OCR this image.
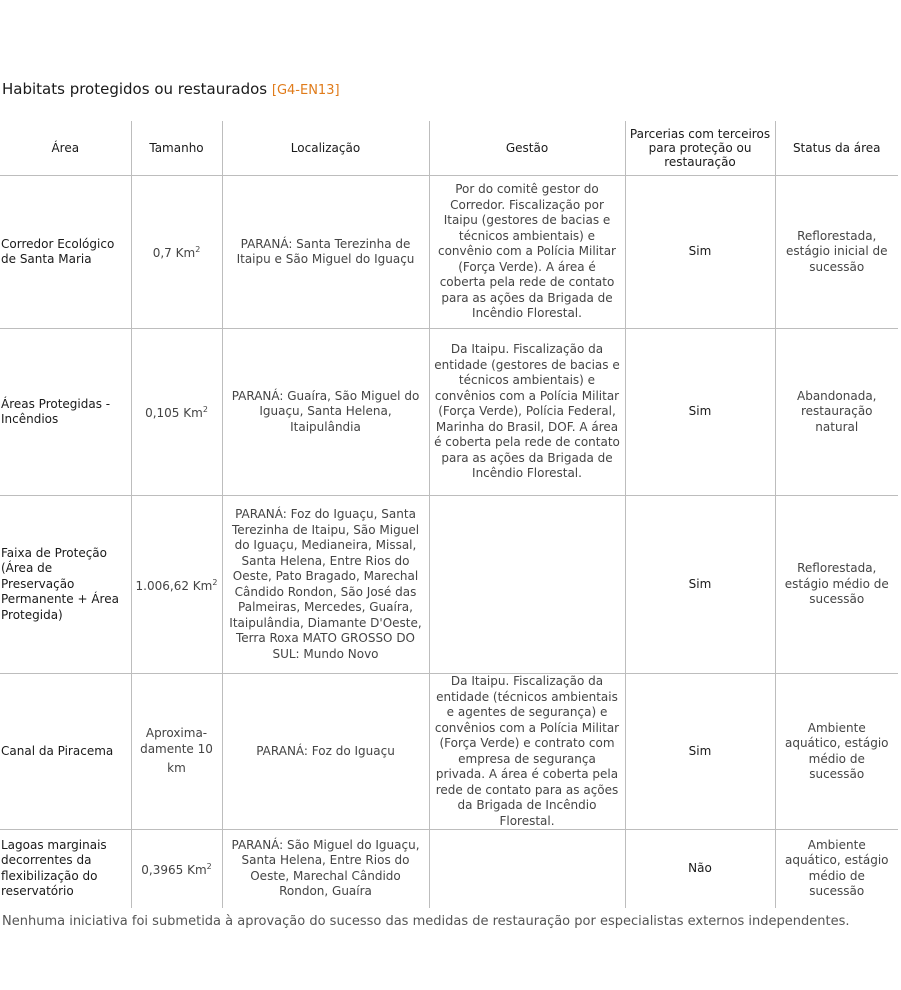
Habitats protegidos ou restaurados [G4-EN13]
Área	Tamanho	Localização	Gestão	Parcerias com terceiros para proteção ou restauração	Status da área
Corredor Ecológico de Santa Maria	0,7 Km$^2$	PARANÁ: Santa Terezinha de Itaipu e São Miguel do Iguaçu	Por do comitê gestor do Corredor. Fiscalização por Itaipu (gestores de bacias e técnicos ambientais) e convênio com a Polícia Militar (Força Verde). A área é coberta pela rede de contato para as ações da Brigada de Incêndio Florestal.	Sim	Reflorestada, estágio inicial de sucessão
Áreas Protegidas - Incêndios	0,105 Km$^2$	PARANÁ: Guaíra, São Miguel do Iguaçu, Santa Helena, Itaipulândia	Da Itaipu. Fiscalização da entidade (gestores de bacias e técnicos ambientais) e convênios com a Polícia Militar (Força Verde), Polícia Federal, Marinha do Brasil, DOF. A área é coberta pela rede de contato para as ações da Brigada de Incêndio Florestal.	Sim	Abandonada, restauração natural
Faixa de Proteção (Área de Preservação Permanente + Área Protegida)	1.006,62 Km$^2$	PARANÁ: Foz do Iguaçu, Santa Terezinha de Itaipu, São Miguel do Iguaçu, Medianeira, Missal, Santa Helena, Entre Rios do Oeste, Pato Bragado, Marechal Cândido Rondon, São José das Palmeiras, Mercedes, Guaíra, Itaipulândia, Diamante D'Oeste, Terra Roxa MATO GROSSO DO SUL: Mundo Novo		Sim	Reflorestada, estágio médio de sucessão
Canal da Piracema	Aproxima- damente 10 km	PARANÁ: Foz do Iguaçu	Da Itaipu. Fiscalização da entidade (técnicos ambientais e agentes de segurança) e convênios com a Polícia Militar (Força Verde) e contrato com empresa de segurança privada. A área é coberta pela rede de contato para as ações da Brigada de Incêndio Florestal.	Sim	Ambiente aquático, estágio médio de sucessão
Lagoas marginais decorrentes da flexibilização do reservatório	0,3965 Km$^2$	PARANÁ: São Miguel do Iguaçu, Santa Helena, Entre Rios do Oeste, Marechal Cândido Rondon, Guaíra		Não	Ambiente aquático, estágio médio de sucessão
Nenhuma iniciativa foi submetida à aprovação do sucesso das medidas de restauração por especialistas externos independentes.
